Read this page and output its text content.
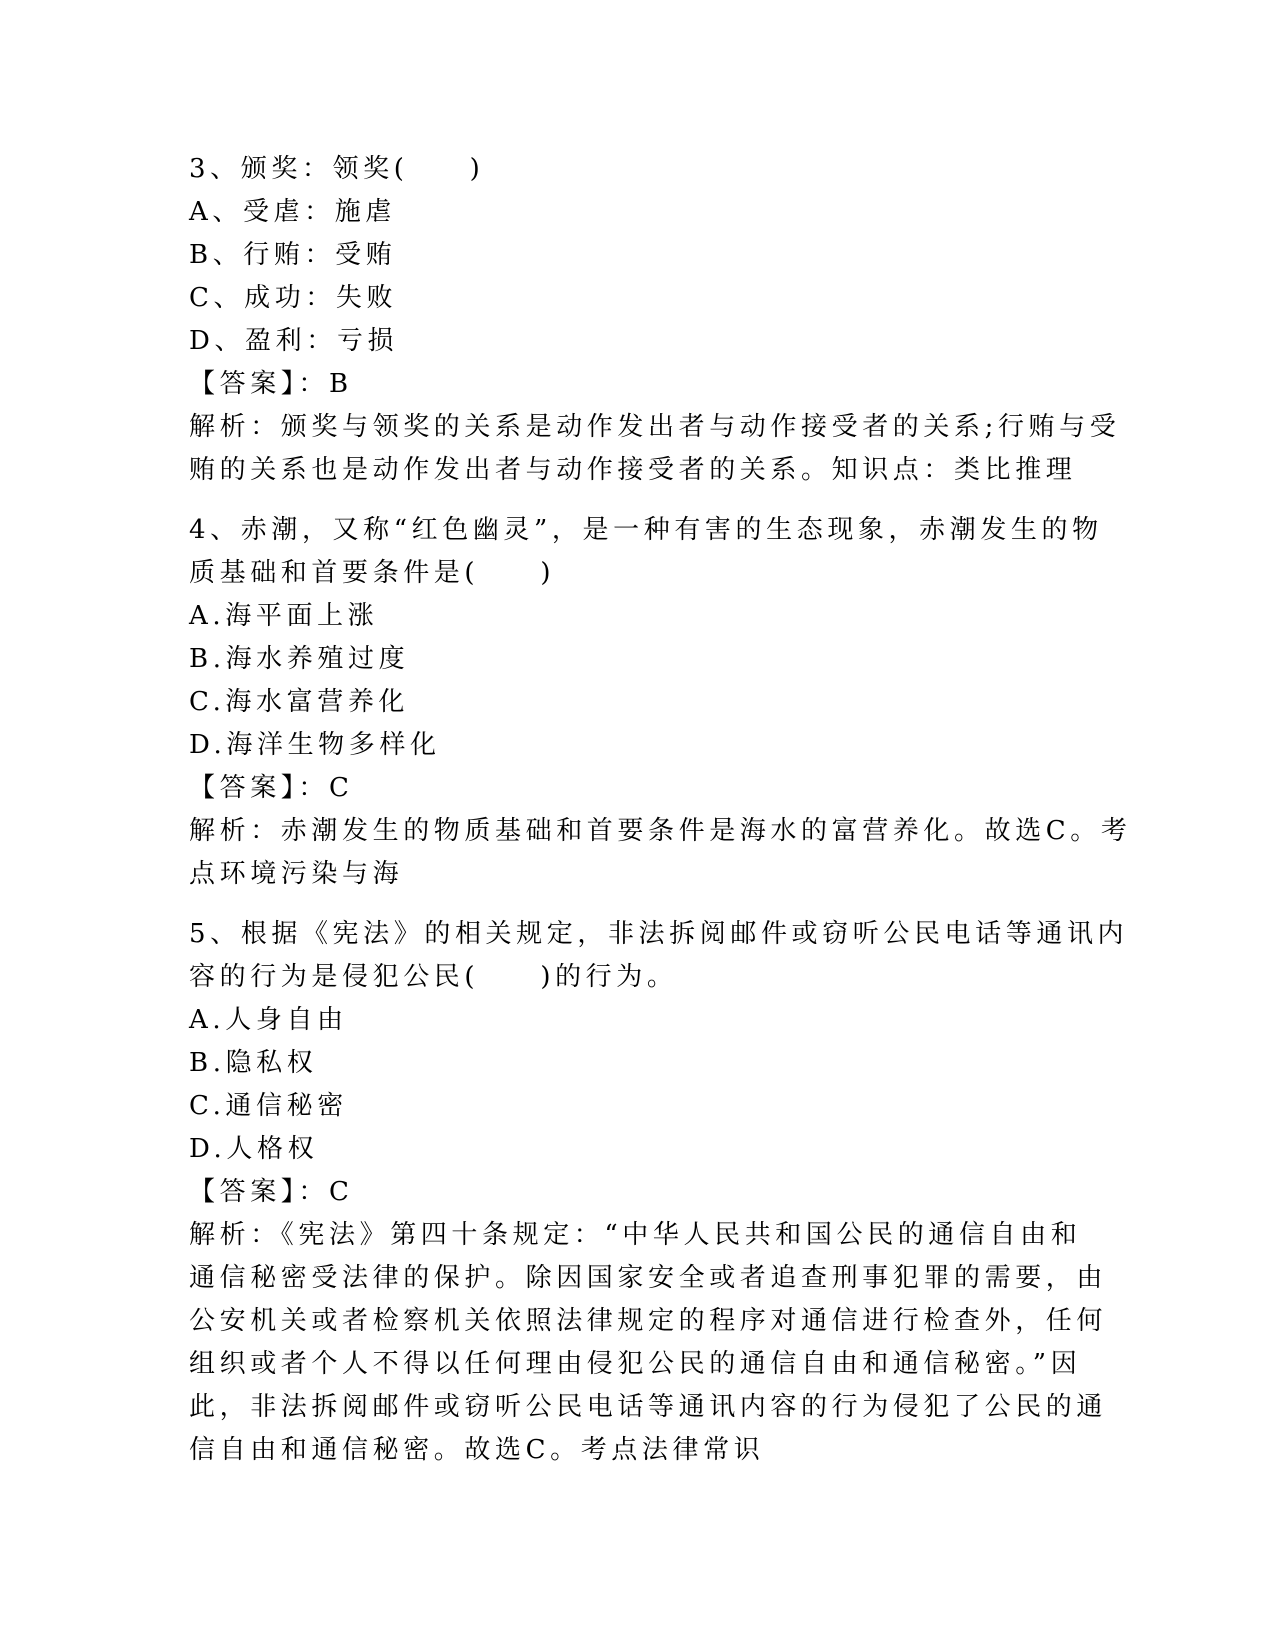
3、颁奖：领奖(　　)
A、受虐：施虐
B、行贿：受贿
C、成功：失败
D、盈利：亏损
【答案】：B
解析：颁奖与领奖的关系是动作发出者与动作接受者的关系;行贿与受
贿的关系也是动作发出者与动作接受者的关系。知识点：类比推理
4、赤潮，又称“红色幽灵”，是一种有害的生态现象，赤潮发生的物
质基础和首要条件是(　　)
A.海平面上涨
B.海水养殖过度
C.海水富营养化
D.海洋生物多样化
【答案】：C
解析：赤潮发生的物质基础和首要条件是海水的富营养化。故选C。考
点环境污染与海
5、根据《宪法》的相关规定，非法拆阅邮件或窃听公民电话等通讯内
容的行为是侵犯公民(　　)的行为。
A.人身自由
B.隐私权
C.通信秘密
D.人格权
【答案】：C
解析：《宪法》第四十条规定：“中华人民共和国公民的通信自由和
通信秘密受法律的保护。除因国家安全或者追查刑事犯罪的需要，由
公安机关或者检察机关依照法律规定的程序对通信进行检查外，任何
组织或者个人不得以任何理由侵犯公民的通信自由和通信秘密。”因
此，非法拆阅邮件或窃听公民电话等通讯内容的行为侵犯了公民的通
信自由和通信秘密。故选C。考点法律常识
